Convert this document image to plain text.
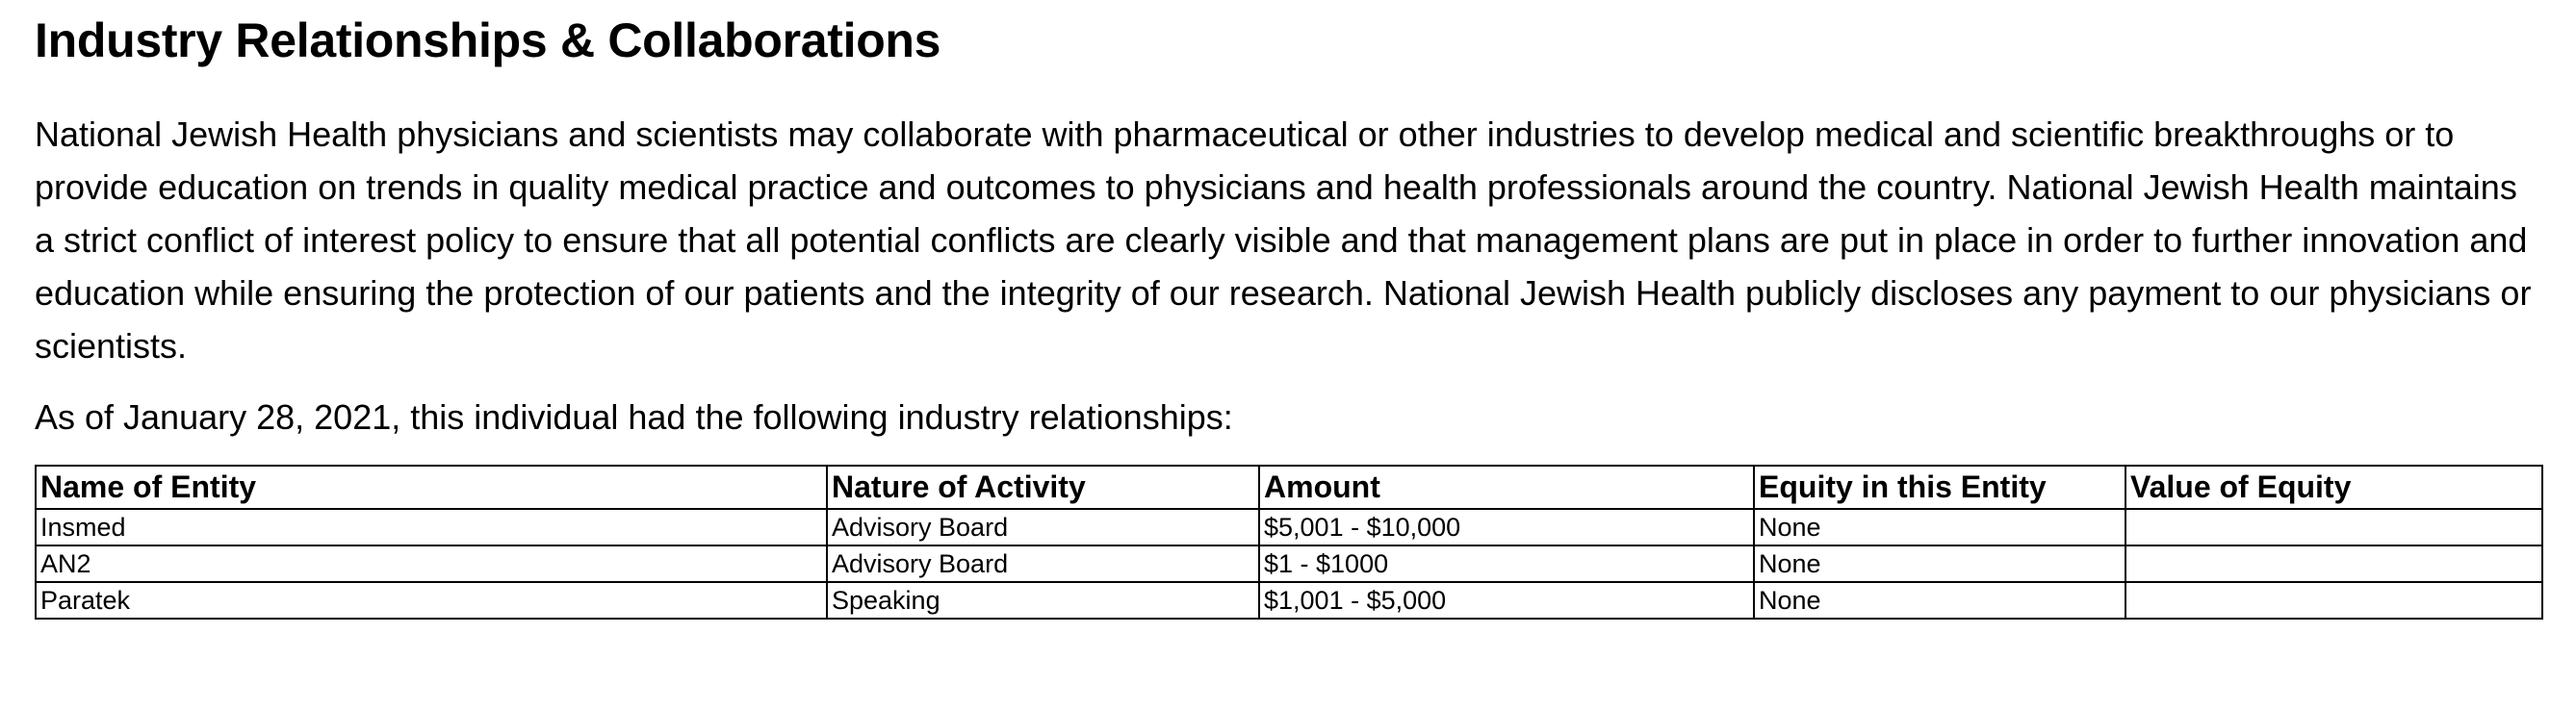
Industry Relationships & Collaborations

National Jewish Health physicians and scientists may collaborate with pharmaceutical or other industries to develop medical and scientific breakthroughs or to provide education on trends in quality medical practice and outcomes to physicians and health professionals around the country. National Jewish Health maintains a strict conflict of interest policy to ensure that all potential conflicts are clearly visible and that management plans are put in place in order to further innovation and education while ensuring the protection of our patients and the integrity of our research. National Jewish Health publicly discloses any payment to our physicians or scientists.

As of January 28, 2021, this individual had the following industry relationships:

Name of Entity	Nature of Activity	Amount	Equity in this Entity	Value of Equity
Insmed	Advisory Board	$5,001 - $10,000	None	
AN2	Advisory Board	$1 - $1000	None	
Paratek	Speaking	$1,001 - $5,000	None	
